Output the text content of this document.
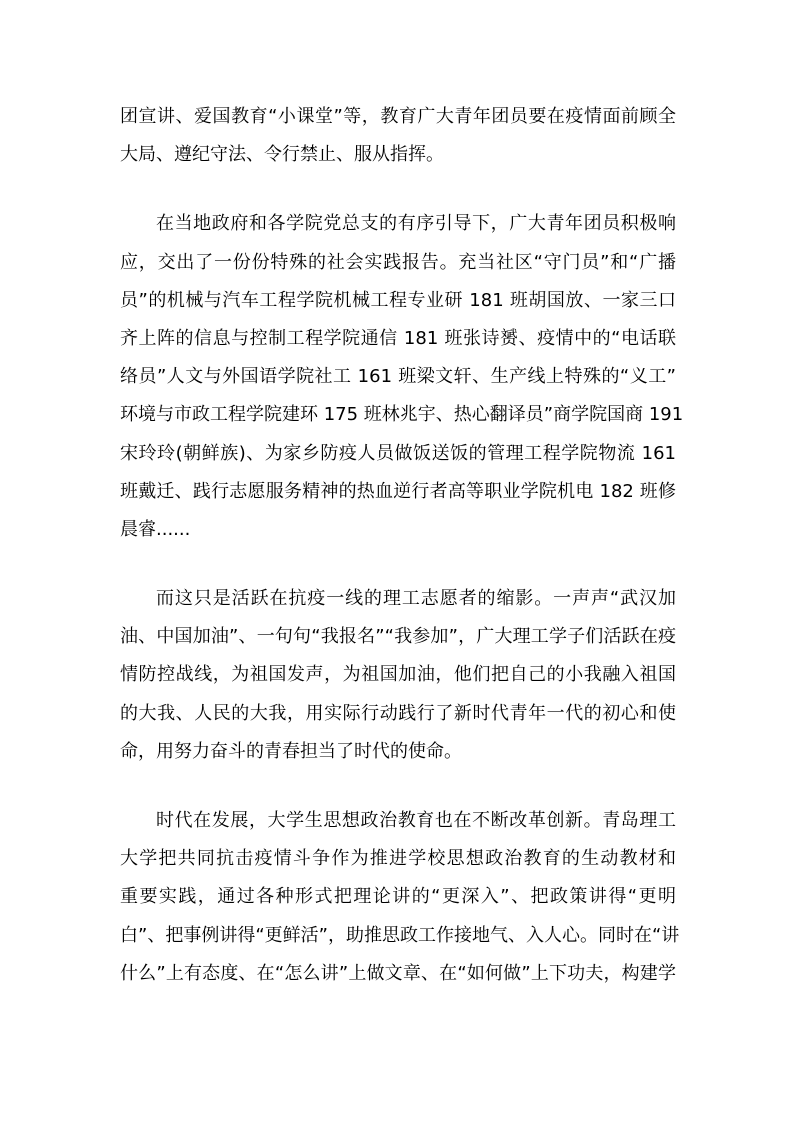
团宣讲、爱国教育“小课堂”等，教育广大青年团员要在疫情面前顾全
大局、遵纪守法、令行禁止、服从指挥。
在当地政府和各学院党总支的有序引导下，广大青年团员积极响
应，交出了一份份特殊的社会实践报告。充当社区“守门员”和“广播
员”的机械与汽车工程学院机械工程专业研 181 班胡国放、一家三口
齐上阵的信息与控制工程学院通信 181 班张诗赟、疫情中的“电话联
络员”人文与外国语学院社工 161 班梁文轩、生产线上特殊的“义工”
环境与市政工程学院建环 175 班林兆宇、热心翻译员”商学院国商 191
宋玲玲(朝鲜族)、为家乡防疫人员做饭送饭的管理工程学院物流 161
班戴迁、践行志愿服务精神的热血逆行者高等职业学院机电 182 班修
晨睿......
而这只是活跃在抗疫一线的理工志愿者的缩影。一声声“武汉加
油、中国加油”、一句句“我报名”“我参加”，广大理工学子们活跃在疫
情防控战线，为祖国发声，为祖国加油，他们把自己的小我融入祖国
的大我、人民的大我，用实际行动践行了新时代青年一代的初心和使
命，用努力奋斗的青春担当了时代的使命。
时代在发展，大学生思想政治教育也在不断改革创新。青岛理工
大学把共同抗击疫情斗争作为推进学校思想政治教育的生动教材和
重要实践，通过各种形式把理论讲的“更深入”、把政策讲得“更明
白”、把事例讲得“更鲜活”，助推思政工作接地气、入人心。同时在“讲
什么”上有态度、在“怎么讲”上做文章、在“如何做”上下功夫，构建学
